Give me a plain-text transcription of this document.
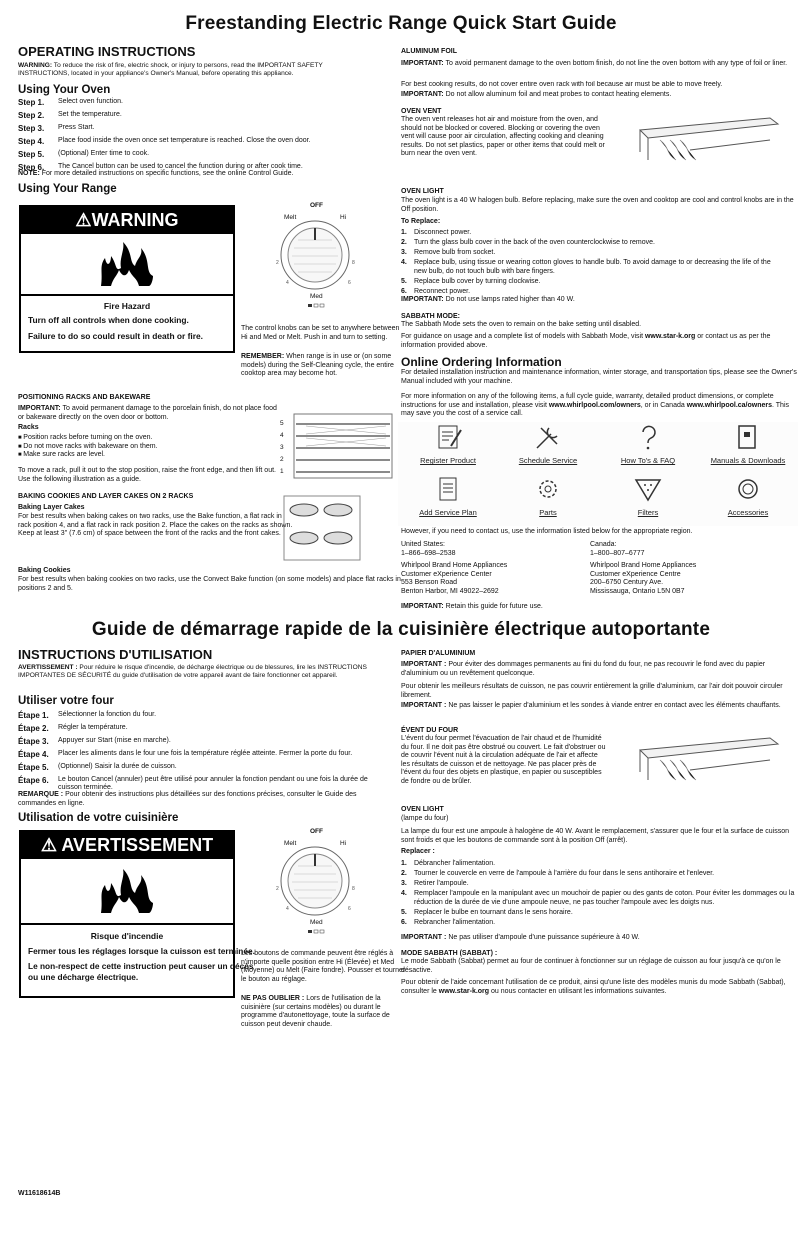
Freestanding Electric Range Quick Start Guide
OPERATING INSTRUCTIONS
WARNING: To reduce the risk of fire, electric shock, or injury to persons, read the IMPORTANT SAFETY INSTRUCTIONS, located in your appliance's Owner's Manual, before operating this appliance.
Using Your Oven
Step 1.	Select oven function.
Step 2.	Set the temperature.
Step 3.	Press Start.
Step 4.	Place food inside the oven once set temperature is reached. Close the oven door.
Step 5.	(Optional) Enter time to cook.
Step 6.	The Cancel button can be used to cancel the function during or after cook time.
NOTE: For more detailed instructions on specific functions, see the online Control Guide.
Using Your Range
⚠WARNING
Fire Hazard
Turn off all controls when done cooking.
Failure to do so could result in death or fire.
2
4	6
8
OFF
Melt	Hi
Med
The control knobs can be set to anywhere between Hi and Med or Melt. Push in and turn to setting.
REMEMBER: When range is in use or (on some models) during the Self-Cleaning cycle, the entire cooktop area may become hot.
POSITIONING RACKS AND BAKEWARE
IMPORTANT: To avoid permanent damage to the porcelain finish, do not place food or bakeware directly on the oven door or bottom.
Racks
■ Position racks before turning on the oven.
■ Do not move racks with bakeware on them.
■ Make sure racks are level.
To move a rack, pull it out to the stop position, raise the front edge, and then lift out. Use the following illustration as a guide.
5
4
3
2
1
BAKING COOKIES AND LAYER CAKES ON 2 RACKS
Baking Layer Cakes
For best results when baking cakes on two racks, use the Bake function, a flat rack in rack position 4, and a flat rack in rack position 2. Place the cakes on the racks as shown. Keep at least 3" (7.6 cm) of space between the front of the racks and the front cakes.
Baking Cookies
For best results when baking cookies on two racks, use the Convect Bake function (on some models) and place flat racks in positions 2 and 5.
ALUMINUM FOIL
IMPORTANT: To avoid permanent damage to the oven bottom finish, do not line the oven bottom with any type of foil or liner.
For best cooking results, do not cover entire oven rack with foil because air must be able to move freely.
IMPORTANT: Do not allow aluminum foil and meat probes to contact heating elements.
OVEN VENT
The oven vent releases hot air and moisture from the oven, and should not be blocked or covered. Blocking or covering the oven vent will cause poor air circulation, affecting cooking and cleaning results. Do not set plastics, paper or other items that could melt or burn near the oven vent.
OVEN LIGHT
The oven light is a 40 W halogen bulb. Before replacing, make sure the oven and cooktop are cool and control knobs are in the Off position.
To Replace:
1.	Disconnect power.
2.	Turn the glass bulb cover in the back of the oven counterclockwise to remove.
3.	Remove bulb from socket.
4.	Replace bulb, using tissue or wearing cotton gloves to handle bulb. To avoid damage to or decreasing the life of the new bulb, do not touch bulb with bare fingers.
5.	Replace bulb cover by turning clockwise.
6.	Reconnect power.
IMPORTANT: Do not use lamps rated higher than 40 W.
SABBATH MODE:
The Sabbath Mode sets the oven to remain on the bake setting until disabled.
For guidance on usage and a complete list of models with Sabbath Mode, visit www.star-k.org or contact us as per the information provided above.
Online Ordering Information
For detailed installation instruction and maintenance information, winter storage, and transportation tips, please see the Owner's Manual included with your machine.
For more information on any of the following items, a full cycle guide, warranty, detailed product dimensions, or complete instructions for use and installation, please visit www.whirlpool.com/owners, or in Canada www.whirlpool.ca/owners. This may save you the cost of a service call.
Register Product	Schedule Service	How To's & FAQ	Manuals & Downloads
Add Service Plan	Parts	Filters	Accessories
However, if you need to contact us, use the information listed below for the appropriate region.
United States:
1–866–698–2538
Canada:
1–800–807–6777
Whirlpool Brand Home Appliances
Customer eXperience Center
553 Benson Road
Benton Harbor, MI 49022–2692
Whirlpool Brand Home Appliances
Customer eXperience Centre
200–6750 Century Ave.
Mississauga, Ontario L5N 0B7
IMPORTANT: Retain this guide for future use.
Guide de démarrage rapide de la cuisinière électrique autoportante
INSTRUCTIONS D'UTILISATION
AVERTISSEMENT : Pour réduire le risque d'incendie, de décharge électrique ou de blessures, lire les INSTRUCTIONS IMPORTANTES DE SÉCURITÉ du guide d'utilisation de votre appareil avant de faire fonctionner cet appareil.
Utiliser votre four
Étape 1.	Sélectionner la fonction du four.
Étape 2.	Régler la température.
Étape 3.	Appuyer sur Start (mise en marche).
Étape 4.	Placer les aliments dans le four une fois la température réglée atteinte. Fermer la porte du four.
Étape 5.	(Optionnel) Saisir la durée de cuisson.
Étape 6.	Le bouton Cancel (annuler) peut être utilisé pour annuler la fonction pendant ou une fois la durée de cuisson terminée.
REMARQUE : Pour obtenir des instructions plus détaillées sur des fonctions précises, consulter le Guide des commandes en ligne.
Utilisation de votre cuisinière
⚠ AVERTISSEMENT
Risque d'incendie
Fermer tous les réglages lorsque la cuisson est terminée.
Le non-respect de cette instruction peut causer un décès ou une décharge électrique.
2
4	6
8
OFF
Melt	Hi
Med
Les boutons de commande peuvent être réglés à n'importe quelle position entre Hi (Élevée) et Med (Moyenne) ou Melt (Faire fondre). Pousser et tourner le bouton au réglage.
NE PAS OUBLIER : Lors de l'utilisation de la cuisinière (sur certains modèles) ou durant le programme d'autonettoyage, toute la surface de cuisson peut devenir chaude.
PAPIER D'ALUMINIUM
IMPORTANT : Pour éviter des dommages permanents au fini du fond du four, ne pas recouvrir le fond avec du papier d'aluminium ou un revêtement quelconque.
Pour obtenir les meilleurs résultats de cuisson, ne pas couvrir entièrement la grille d'aluminium, car l'air doit pouvoir circuler librement.
IMPORTANT : Ne pas laisser le papier d'aluminium et les sondes à viande entrer en contact avec les éléments chauffants.
ÉVENT DU FOUR
L'évent du four permet l'évacuation de l'air chaud et de l'humidité du four. Il ne doit pas être obstrué ou couvert. Le fait d'obstruer ou de couvrir l'évent nuit à la circulation adéquate de l'air et affecte les résultats de cuisson et de nettoyage. Ne pas placer près de l'évent du four des objets en plastique, en papier ou susceptibles de fondre ou de brûler.
OVEN LIGHT
(lampe du four)
La lampe du four est une ampoule à halogène de 40 W. Avant le remplacement, s'assurer que le four et la surface de cuisson sont froids et que les boutons de commande sont à la position Off (arrêt).
Replacer :
1.	Débrancher l'alimentation.
2.	Tourner le couvercle en verre de l'ampoule à l'arrière du four dans le sens antihoraire et l'enlever.
3.	Retirer l'ampoule.
4.	Remplacer l'ampoule en la manipulant avec un mouchoir de papier ou des gants de coton. Pour éviter les dommages ou la réduction de la durée de vie d'une ampoule neuve, ne pas toucher l'ampoule avec les doigts nus.
5.	Replacer le bulbe en tournant dans le sens horaire.
6.	Rebrancher l'alimentation.
IMPORTANT : Ne pas utiliser d'ampoule d'une puissance supérieure à 40 W.
MODE SABBATH (SABBAT) :
Le mode Sabbath (Sabbat) permet au four de continuer à fonctionner sur un réglage de cuisson au four jusqu'à ce qu'on le désactive.
Pour obtenir de l'aide concernant l'utilisation de ce produit, ainsi qu'une liste des modèles munis du mode Sabbath (Sabbat), consulter le www.star-k.org ou nous contacter en utilisant les informations suivantes.
W11618614B
